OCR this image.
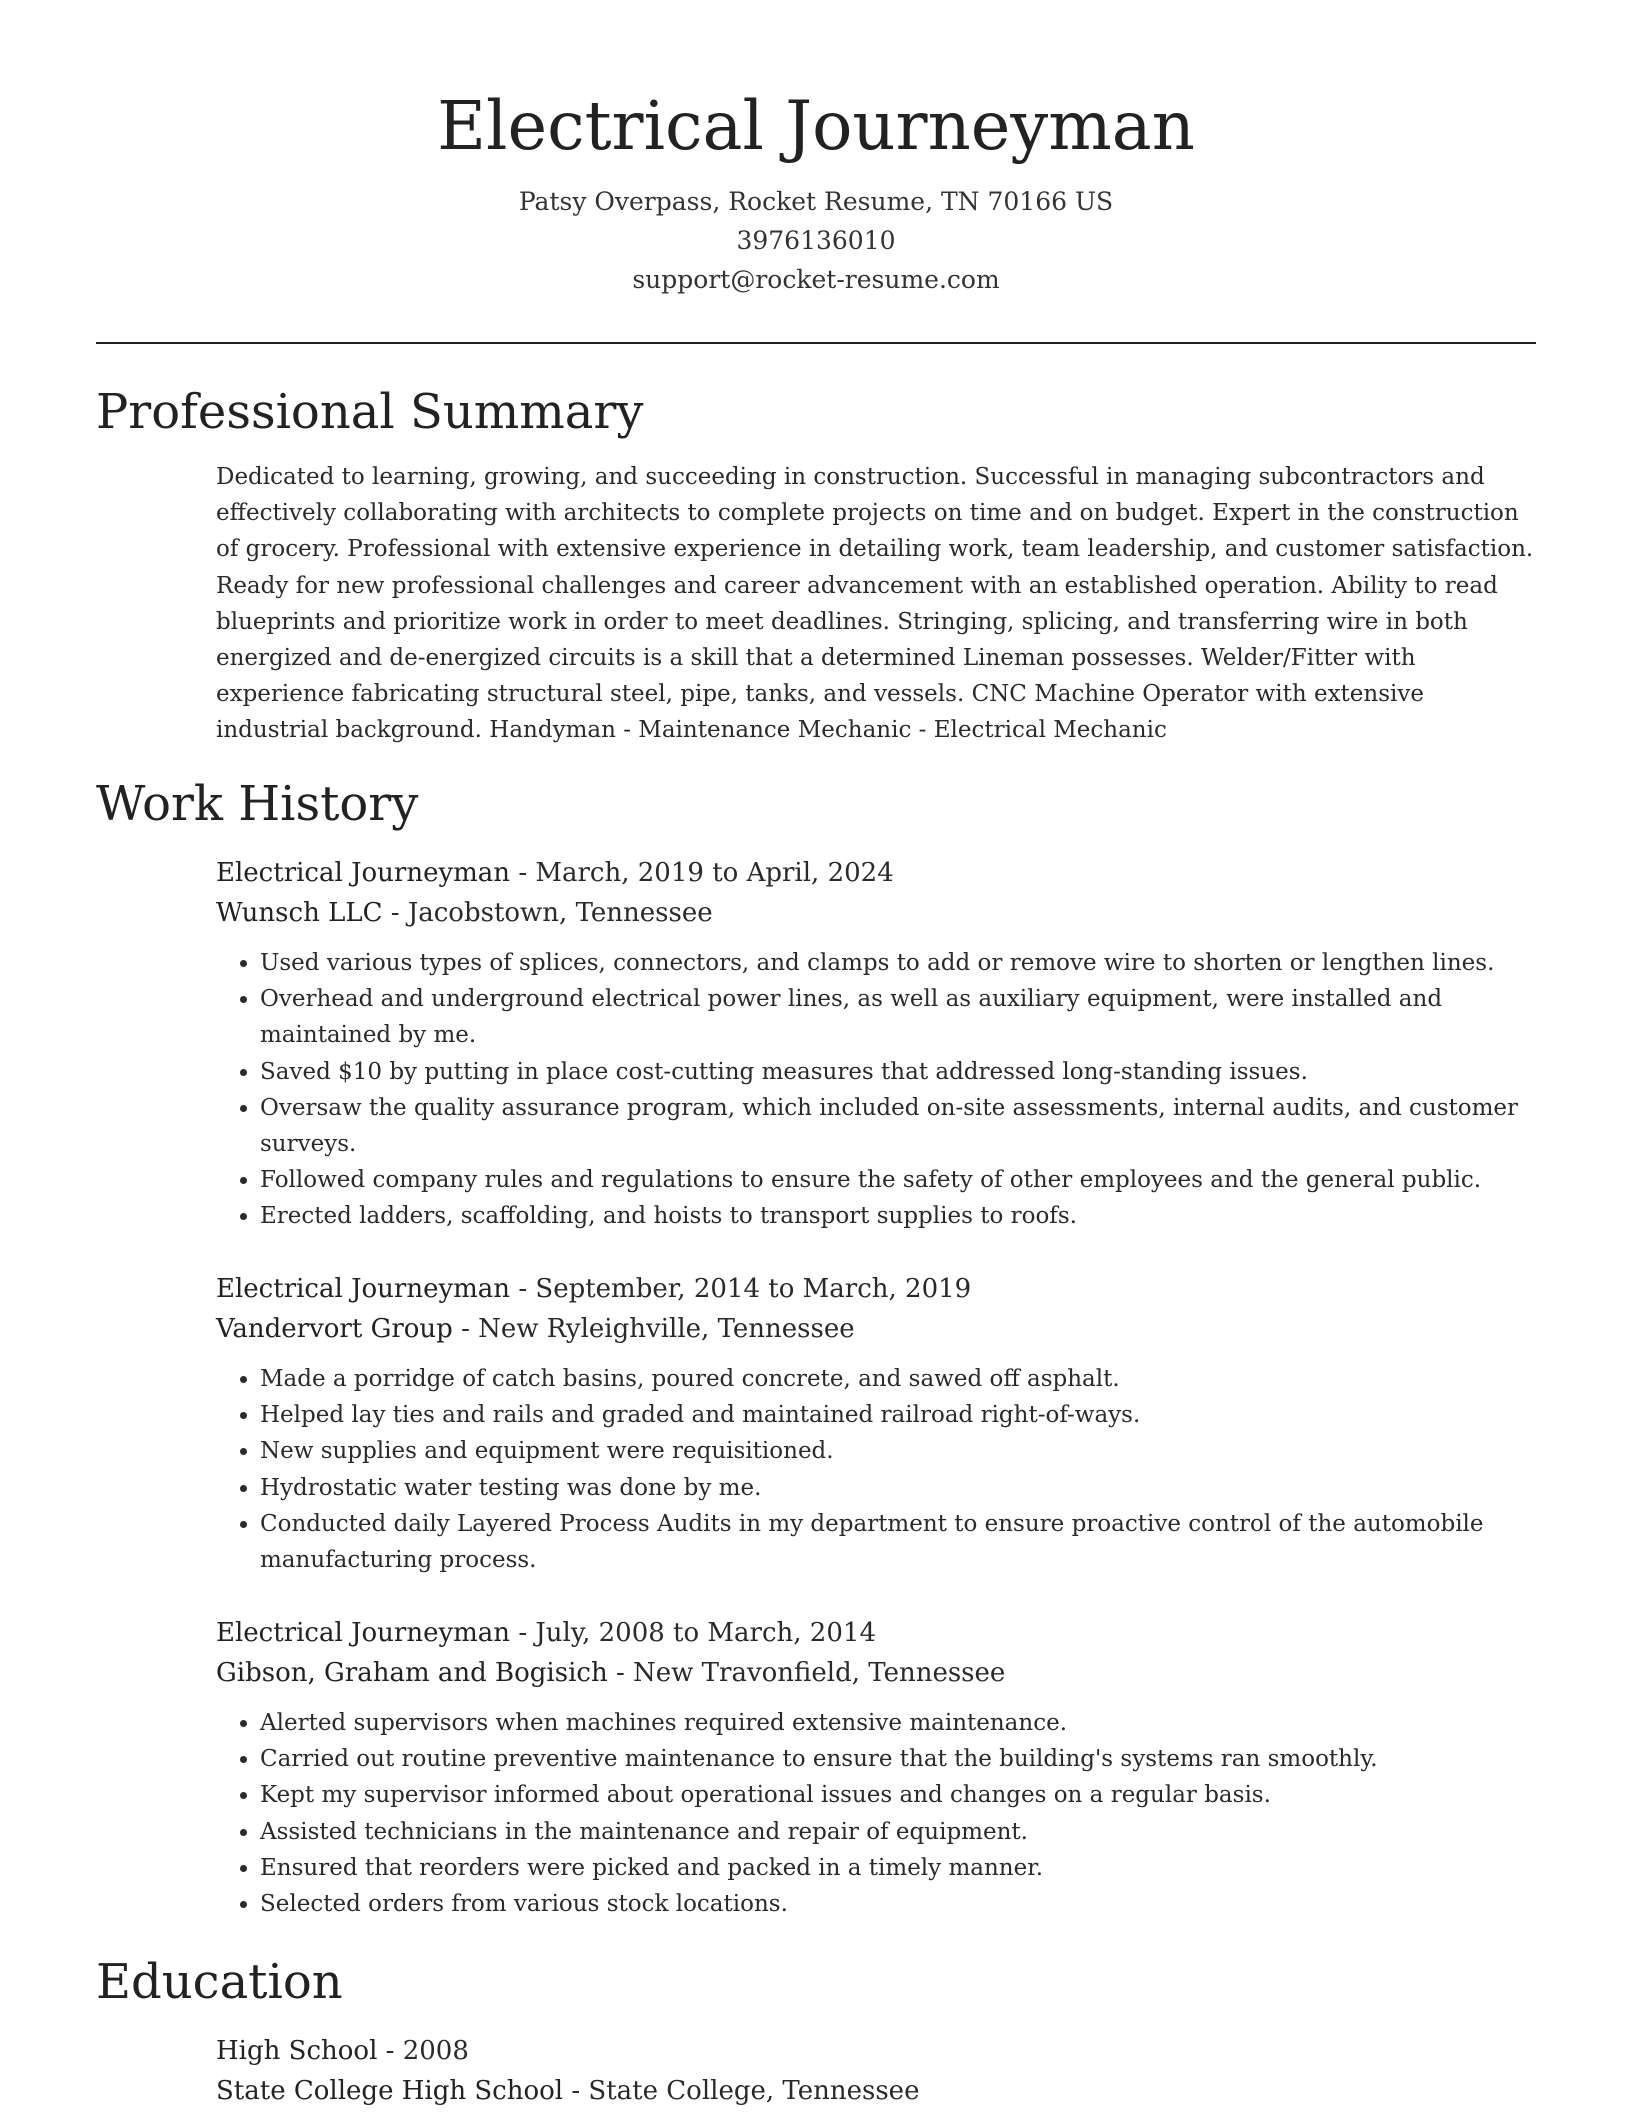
Electrical Journeyman
Patsy Overpass, Rocket Resume, TN 70166 US
3976136010
support@rocket-resume.com
Professional Summary

Dedicated to learning, growing, and succeeding in construction. Successful in managing subcontractors and effectively collaborating with architects to complete projects on time and on budget. Expert in the construction of grocery. Professional with extensive experience in detailing work, team leadership, and customer satisfaction. Ready for new professional challenges and career advancement with an established operation. Ability to read blueprints and prioritize work in order to meet deadlines. Stringing, splicing, and transferring wire in both energized and de-energized circuits is a skill that a determined Lineman possesses. Welder/Fitter with experience fabricating structural steel, pipe, tanks, and vessels. CNC Machine Operator with extensive industrial background. Handyman - Maintenance Mechanic - Electrical Mechanic

Work History
Electrical Journeyman - March, 2019 to April, 2024
Wunsch LLC - Jacobstown, Tennessee
• Used various types of splices, connectors, and clamps to add or remove wire to shorten or lengthen lines.
• Overhead and underground electrical power lines, as well as auxiliary equipment, were installed and maintained by me.
• Saved $10 by putting in place cost-cutting measures that addressed long-standing issues.
• Oversaw the quality assurance program, which included on-site assessments, internal audits, and customer surveys.
• Followed company rules and regulations to ensure the safety of other employees and the general public.
• Erected ladders, scaffolding, and hoists to transport supplies to roofs.
Electrical Journeyman - September, 2014 to March, 2019
Vandervort Group - New Ryleighville, Tennessee
• Made a porridge of catch basins, poured concrete, and sawed off asphalt.
• Helped lay ties and rails and graded and maintained railroad right-of-ways.
• New supplies and equipment were requisitioned.
• Hydrostatic water testing was done by me.
• Conducted daily Layered Process Audits in my department to ensure proactive control of the automobile manufacturing process.
Electrical Journeyman - July, 2008 to March, 2014
Gibson, Graham and Bogisich - New Travonfield, Tennessee
• Alerted supervisors when machines required extensive maintenance.
• Carried out routine preventive maintenance to ensure that the building's systems ran smoothly.
• Kept my supervisor informed about operational issues and changes on a regular basis.
• Assisted technicians in the maintenance and repair of equipment.
• Ensured that reorders were picked and packed in a timely manner.
• Selected orders from various stock locations.
Education
High School - 2008
State College High School - State College, Tennessee
